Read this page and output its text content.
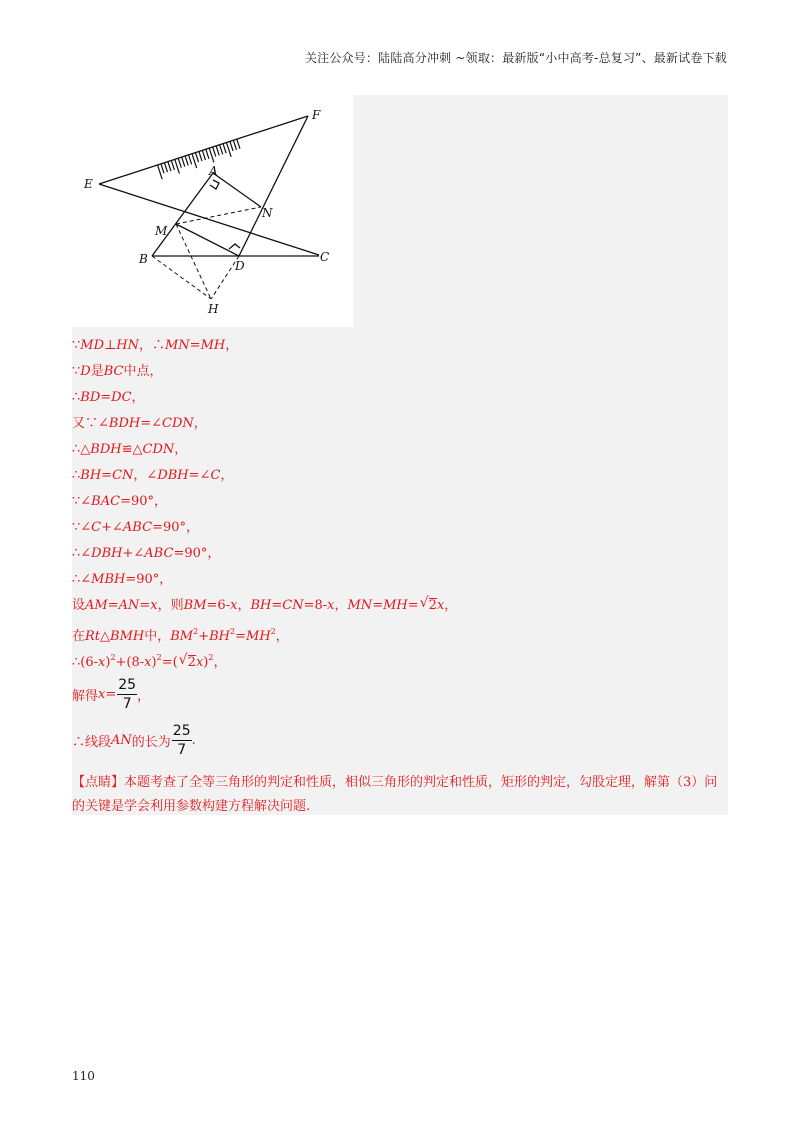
关注公众号：陆陆高分冲刺 ~领取：最新版“小中高考-总复习”、最新试卷下载
F
E
A
N
M
B	D
C
H
∵MD⊥HN，∴MN=MH，
∵D是BC中点，
∴BD=DC，
又∵∠BDH=∠CDN，
∴△BDH≌△CDN，
∴BH=CN，∠DBH=∠C，
∵∠BAC=90°，
∵∠C+∠ABC=90°，
∴∠DBH+∠ABC=90°，
∴∠MBH=90°，
设AM=AN=x，则BM=6-x，BH=CN=8-x，MN=MH= √ 2x，
在Rt△BMH中，$BM^2+BH^2=MH^2$，
$\therefore(6-x)^2+(8-x)^2=$( √ 2x)$^2$，
解得 $x = \frac{25}{7}$ ，
∴线段 AN 的长为 $\frac{25}{7}$ .
【点睛】本题考查了全等三角形的判定和性质，相似三角形的判定和性质，矩形的判定，勾股定理，解第（3）问的关键是学会利用参数构建方程解决问题.
110
